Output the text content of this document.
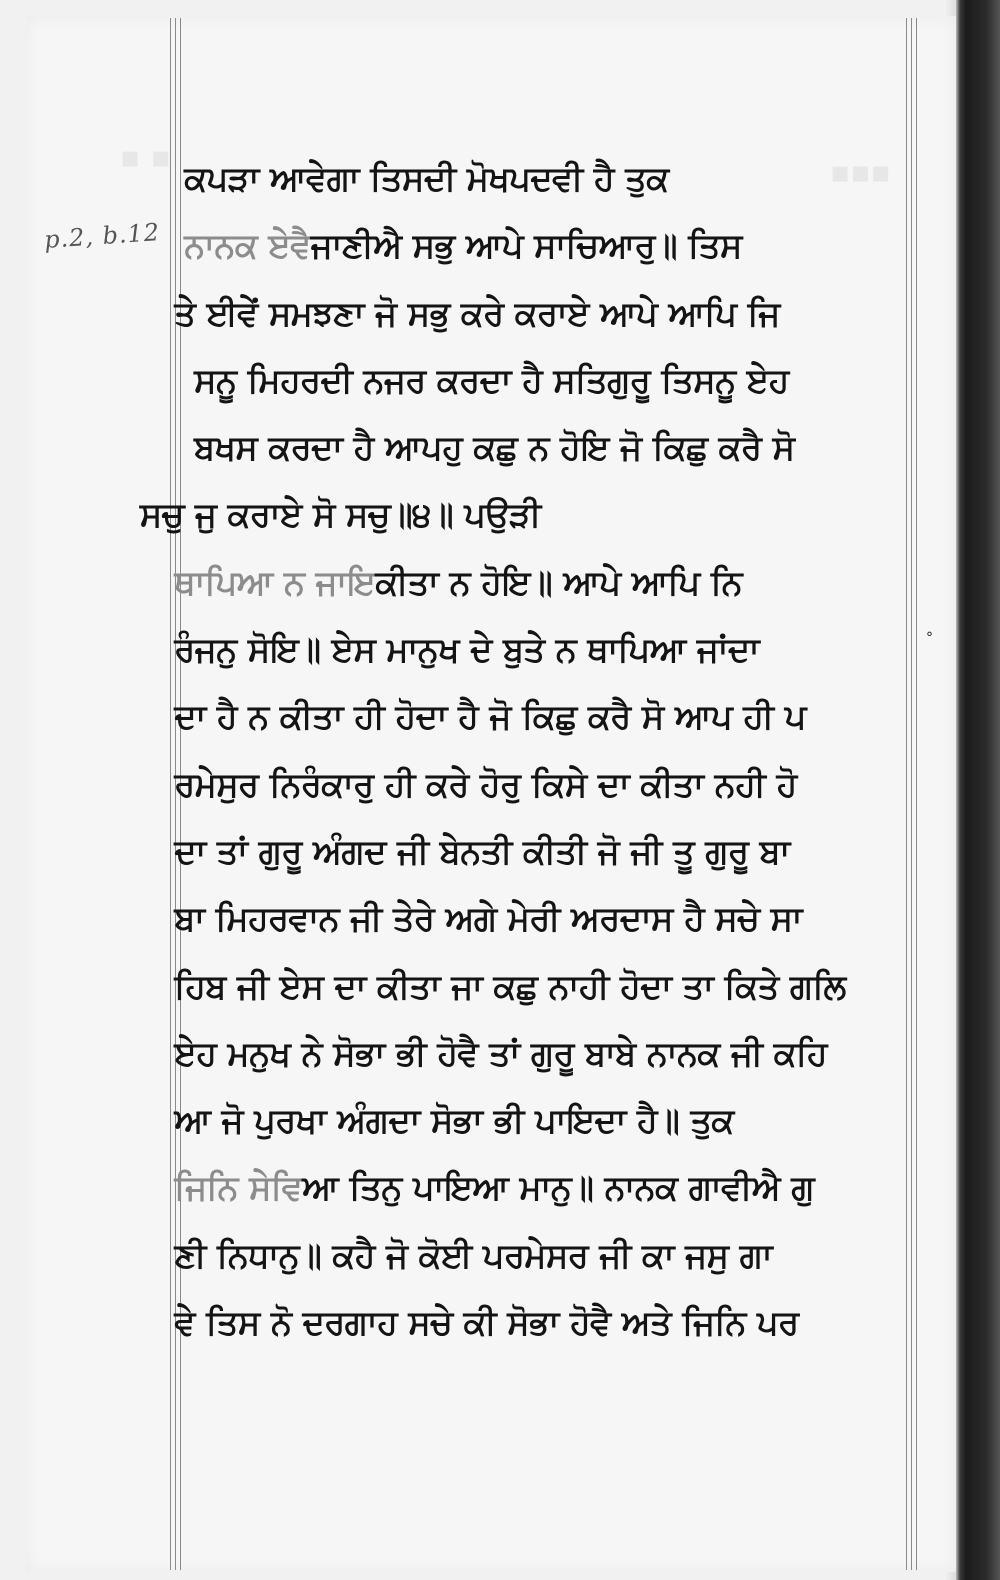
▪ ▪	▪▪▪
p.2, b.12
ਕਪੜਾ ਆਵੇਗਾ ਤਿਸਦੀ ਮੋਖਪਦਵੀ ਹੈ ਤੁਕ
ਨਾਨਕ ਏਵੈਜਾਣੀਐ ਸਭੁ ਆਪੇ ਸਾਚਿਆਰੁ॥ ਤਿਸ
ਤੇ ਈਵੇਂ ਸਮਝਣਾ ਜੋ ਸਭੁ ਕਰੇ ਕਰਾਏ ਆਪੇ ਆਪਿ ਜਿ
ਸਨੂ ਮਿਹਰਦੀ ਨਜਰ ਕਰਦਾ ਹੈ ਸਤਿਗੁਰੂ ਤਿਸਨੂ ਏਹ
ਬਖਸ ਕਰਦਾ ਹੈ ਆਪਹੁ ਕਛੁ ਨ ਹੋਇ ਜੋ ਕਿਛੁ ਕਰੈ ਸੋ
ਸਚੁ ਜੁ ਕਰਾਏ ਸੋ ਸਚੁ॥੪॥ ਪਉੜੀ
ਥਾਪਿਆ ਨ ਜਾਇਕੀਤਾ ਨ ਹੋਇ॥ ਆਪੇ ਆਪਿ ਨਿ
ਰੰਜਨੁ ਸੋਇ॥ ਏਸ ਮਾਨੁਖ ਦੇ ਬੁਤੇ ਨ ਥਾਪਿਆ ਜਾਂਦਾ
ਦਾ ਹੈ ਨ ਕੀਤਾ ਹੀ ਹੋਦਾ ਹੈ ਜੋ ਕਿਛੁ ਕਰੈ ਸੋ ਆਪ ਹੀ ਪ
ਰਮੇਸੁਰ ਨਿਰੰਕਾਰੁ ਹੀ ਕਰੇ ਹੋਰੁ ਕਿਸੇ ਦਾ ਕੀਤਾ ਨਹੀ ਹੋ
ਦਾ ਤਾਂ ਗੁਰੂ ਅੰਗਦ ਜੀ ਬੇਨਤੀ ਕੀਤੀ ਜੋ ਜੀ ਤੂ ਗੁਰੂ ਬਾ
ਬਾ ਮਿਹਰਵਾਨ ਜੀ ਤੇਰੇ ਅਗੇ ਮੇਰੀ ਅਰਦਾਸ ਹੈ ਸਚੇ ਸਾ
ਹਿਬ ਜੀ ਏਸ ਦਾ ਕੀਤਾ ਜਾ ਕਛੁ ਨਾਹੀ ਹੋਦਾ ਤਾ ਕਿਤੇ ਗਲਿ
ਏਹ ਮਨੁਖ ਨੇ ਸੋਭਾ ਭੀ ਹੋਵੈ ਤਾਂ ਗੁਰੂ ਬਾਬੇ ਨਾਨਕ ਜੀ ਕਹਿ
ਆ ਜੋ ਪੁਰਖਾ ਅੰਗਦਾ ਸੋਭਾ ਭੀ ਪਾਇਦਾ ਹੈ॥ ਤੁਕ
ਜਿਨਿ ਸੇਵਿਆ ਤਿਨੁ ਪਾਇਆ ਮਾਨੁ॥ ਨਾਨਕ ਗਾਵੀਐ ਗੁ
ਣੀ ਨਿਧਾਨੁ॥ ਕਹੈ ਜੋ ਕੋਈ ਪਰਮੇਸਰ ਜੀ ਕਾ ਜਸੁ ਗਾ
ਵੇ ਤਿਸ ਨੋ ਦਰਗਾਹ ਸਚੇ ਕੀ ਸੋਭਾ ਹੋਵੈ ਅਤੇ ਜਿਨਿ ਪਰ
°
